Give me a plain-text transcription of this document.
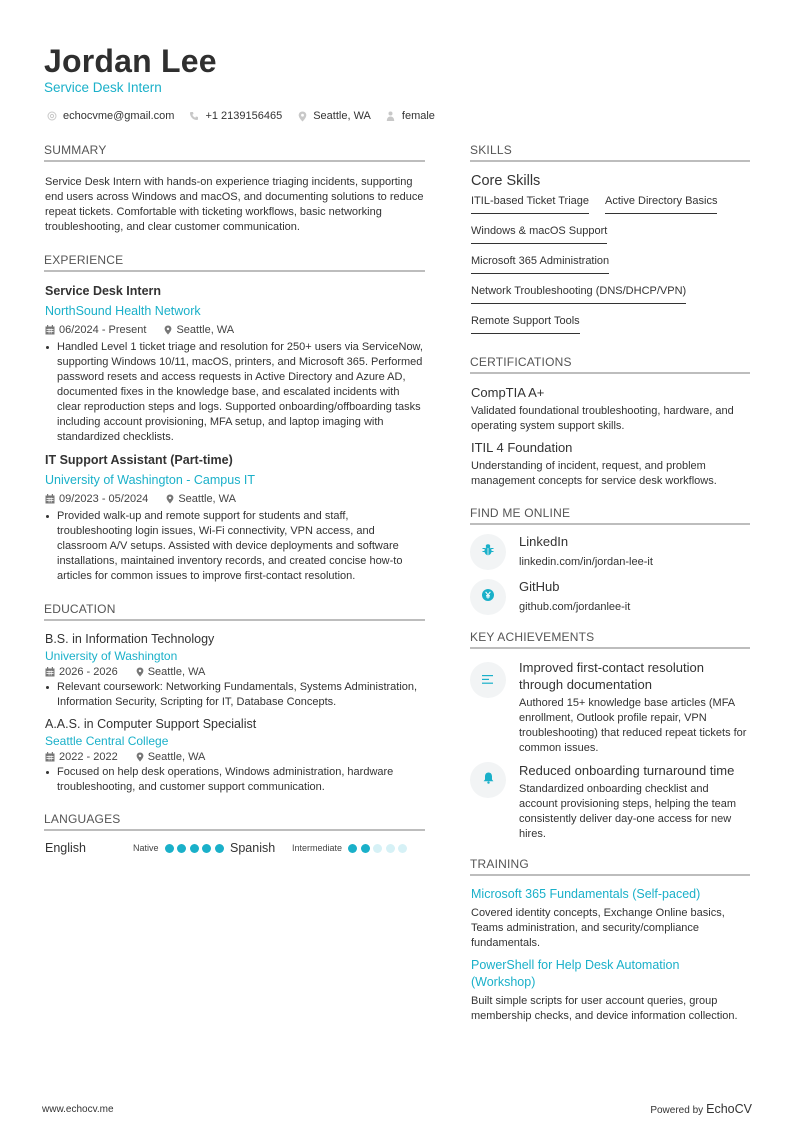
Jordan Lee
Service Desk Intern
echocvme@gmail.com	+1 2139156465	Seattle, WA	female
SUMMARY
Service Desk Intern with hands-on experience triaging incidents, supporting end users across Windows and macOS, and documenting solutions to reduce repeat tickets. Comfortable with ticketing workflows, basic networking troubleshooting, and clear customer communication.
EXPERIENCE
Service Desk Intern
NorthSound Health Network
06/2024 - Present	Seattle, WA
Handled Level 1 ticket triage and resolution for 250+ users via ServiceNow, supporting Windows 10/11, macOS, printers, and Microsoft 365. Performed password resets and access requests in Active Directory and Azure AD, documented fixes in the knowledge base, and escalated incidents with clear reproduction steps and logs. Supported onboarding/offboarding tasks including account provisioning, MFA setup, and laptop imaging with standardized checklists.
IT Support Assistant (Part-time)
University of Washington - Campus IT
09/2023 - 05/2024	Seattle, WA
Provided walk-up and remote support for students and staff, troubleshooting login issues, Wi-Fi connectivity, VPN access, and classroom A/V setups. Assisted with device deployments and software installations, maintained inventory records, and created concise how-to articles for common issues to improve first-contact resolution.
EDUCATION
B.S. in Information Technology
University of Washington
2026 - 2026	Seattle, WA
Relevant coursework: Networking Fundamentals, Systems Administration, Information Security, Scripting for IT, Database Concepts.
A.A.S. in Computer Support Specialist
Seattle Central College
2022 - 2022	Seattle, WA
Focused on help desk operations, Windows administration, hardware troubleshooting, and customer support communication.
LANGUAGES
English	Native	Spanish	Intermediate
SKILLS
Core Skills
ITIL-based Ticket Triage Active Directory Basics
Windows & macOS Support
Microsoft 365 Administration
Network Troubleshooting (DNS/DHCP/VPN)
Remote Support Tools
CERTIFICATIONS
CompTIA A+
Validated foundational troubleshooting, hardware, and operating system support skills.
ITIL 4 Foundation
Understanding of incident, request, and problem management concepts for service desk workflows.
FIND ME ONLINE
LinkedIn
linkedin.com/in/jordan-lee-it
GitHub
github.com/jordanlee-it
KEY ACHIEVEMENTS
Improved first-contact resolution through documentation
Authored 15+ knowledge base articles (MFA enrollment, Outlook profile repair, VPN troubleshooting) that reduced repeat tickets for common issues.
Reduced onboarding turnaround time
Standardized onboarding checklist and account provisioning steps, helping the team consistently deliver day-one access for new hires.
TRAINING
Microsoft 365 Fundamentals (Self-paced)
Covered identity concepts, Exchange Online basics, Teams administration, and security/compliance fundamentals.
PowerShell for Help Desk Automation (Workshop)
Built simple scripts for user account queries, group membership checks, and device information collection.
www.echocv.me	Powered by EchoCV
